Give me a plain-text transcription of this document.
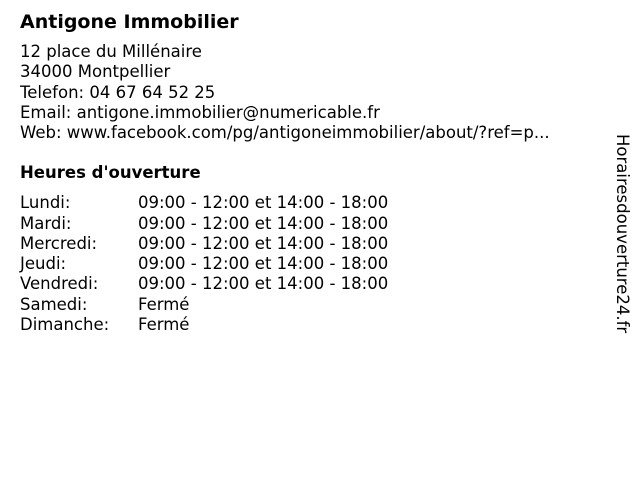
Antigone Immobilier
12 place du Millénaire
34000 Montpellier
Telefon: 04 67 64 52 25
Email: antigone.immobilier@numericable.fr
Web: www.facebook.com/pg/antigoneimmobilier/about/?ref=p...
Heures d'ouverture
Lundi:	09:00 - 12:00 et 14:00 - 18:00
Mardi:	09:00 - 12:00 et 14:00 - 18:00
Mercredi:	09:00 - 12:00 et 14:00 - 18:00
Jeudi:	09:00 - 12:00 et 14:00 - 18:00
Vendredi:	09:00 - 12:00 et 14:00 - 18:00
Samedi:	Fermé
Dimanche:	Fermé	Horairesdouverture24.fr
